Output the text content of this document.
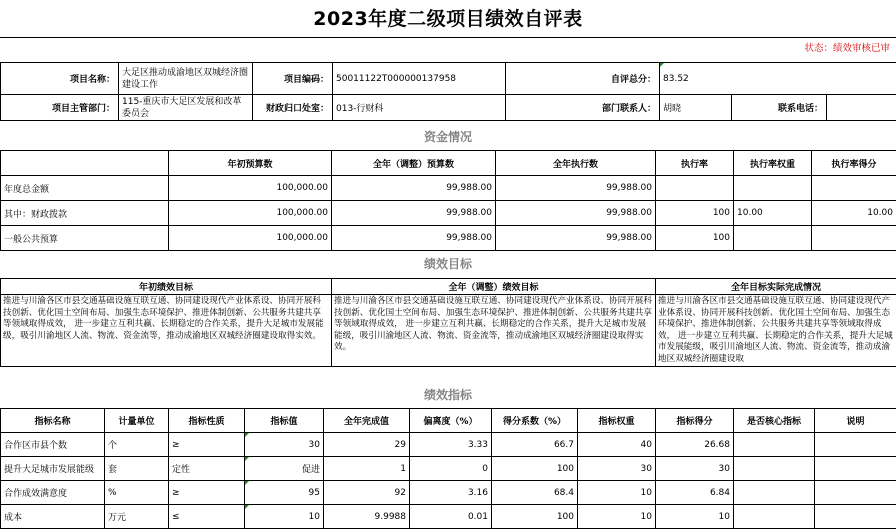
2023年度二级项目绩效自评表
状态：绩效审核已审
项目名称：	大足区推动成渝地区双城经济圈建设工作	项目编码：	50011122T000000137958	自评总分：	83.52		
项目主管部门：	115-重庆市大足区发展和改革委员会	财政归口处室：	013-行财科	部门联系人：	胡晓	联系电话：	
资金情况
	年初预算数	全年（调整）预算数	全年执行数	执行率	执行率权重	执行率得分
年度总金额	100,000.00	99,988.00	99,988.00			
其中：财政拨款	100,000.00	99,988.00	99,988.00	100	10.00	10.00
一般公共预算	100,000.00	99,988.00	99,988.00	100		
绩效目标
年初绩效目标	全年（调整）绩效目标	全年目标实际完成情况
推进与川渝各区市县交通基础设施互联互通、协同建设现代产业体系设、协同开展科技创新、优化国土空间布局、加强生态环境保护、推进体制创新、公共服务共建共享等领域取得成效， 进一步建立互利共赢、长期稳定的合作关系，提升大足城市发展能级，吸引川渝地区人流、物流、资金流等，推动成渝地区双城经济圈建设取得实效。	推进与川渝各区市县交通基础设施互联互通、协同建设现代产业体系设、协同开展科技创新、优化国土空间布局、加强生态环境保护、推进体制创新、公共服务共建共享等领域取得成效， 进一步建立互利共赢、长期稳定的合作关系，提升大足城市发展能级，吸引川渝地区人流、物流、资金流等，推动成渝地区双城经济圈建设取得实效。	推进与川渝各区市县交通基础设施互联互通、协同建设现代产业体系设、协同开展科技创新、优化国土空间布局、加强生态环境保护、推进体制创新、公共服务共建共享等领域取得成效， 进一步建立互利共赢、长期稳定的合作关系，提升大足城市发展能级，吸引川渝地区人流、物流、资金流等，推动成渝地区双城经济圈建设取
绩效指标
指标名称	计量单位	指标性质	指标值	全年完成值	偏离度（%）	得分系数（%）	指标权重	指标得分	是否核心指标	说明
合作区市县个数	个	≥	30	29	3.33	66.7	40	26.68		
提升大足城市发展能级	套	定性	促进	1	0	100	30	30		
合作成效满意度	%	≥	95	92	3.16	68.4	10	6.84		
成本	万元	≤	10	9.9988	0.01	100	10	10		
